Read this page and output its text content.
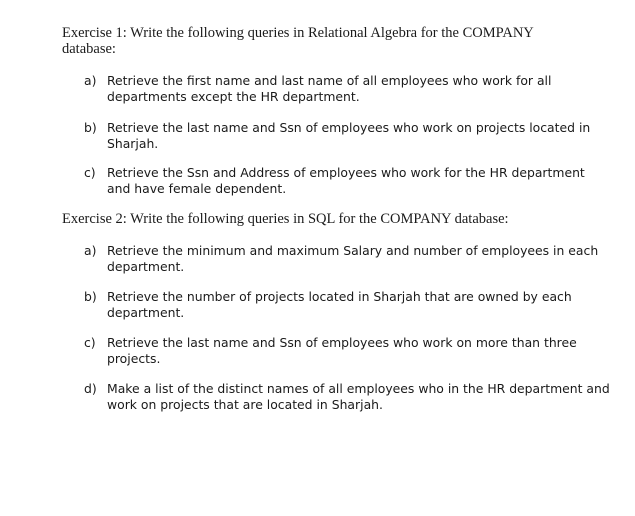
Exercise 1: Write the following queries in Relational Algebra for the COMPANY database:

a) Retrieve the first name and last name of all employees who work for all departments except the HR department.
b) Retrieve the last name and Ssn of employees who work on projects located in Sharjah.
c) Retrieve the Ssn and Address of employees who work for the HR department and have female dependent.

Exercise 2: Write the following queries in SQL for the COMPANY database:

a) Retrieve the minimum and maximum Salary and number of employees in each department.
b) Retrieve the number of projects located in Sharjah that are owned by each department.
c) Retrieve the last name and Ssn of employees who work on more than three projects.
d) Make a list of the distinct names of all employees who in the HR department and work on projects that are located in Sharjah.
